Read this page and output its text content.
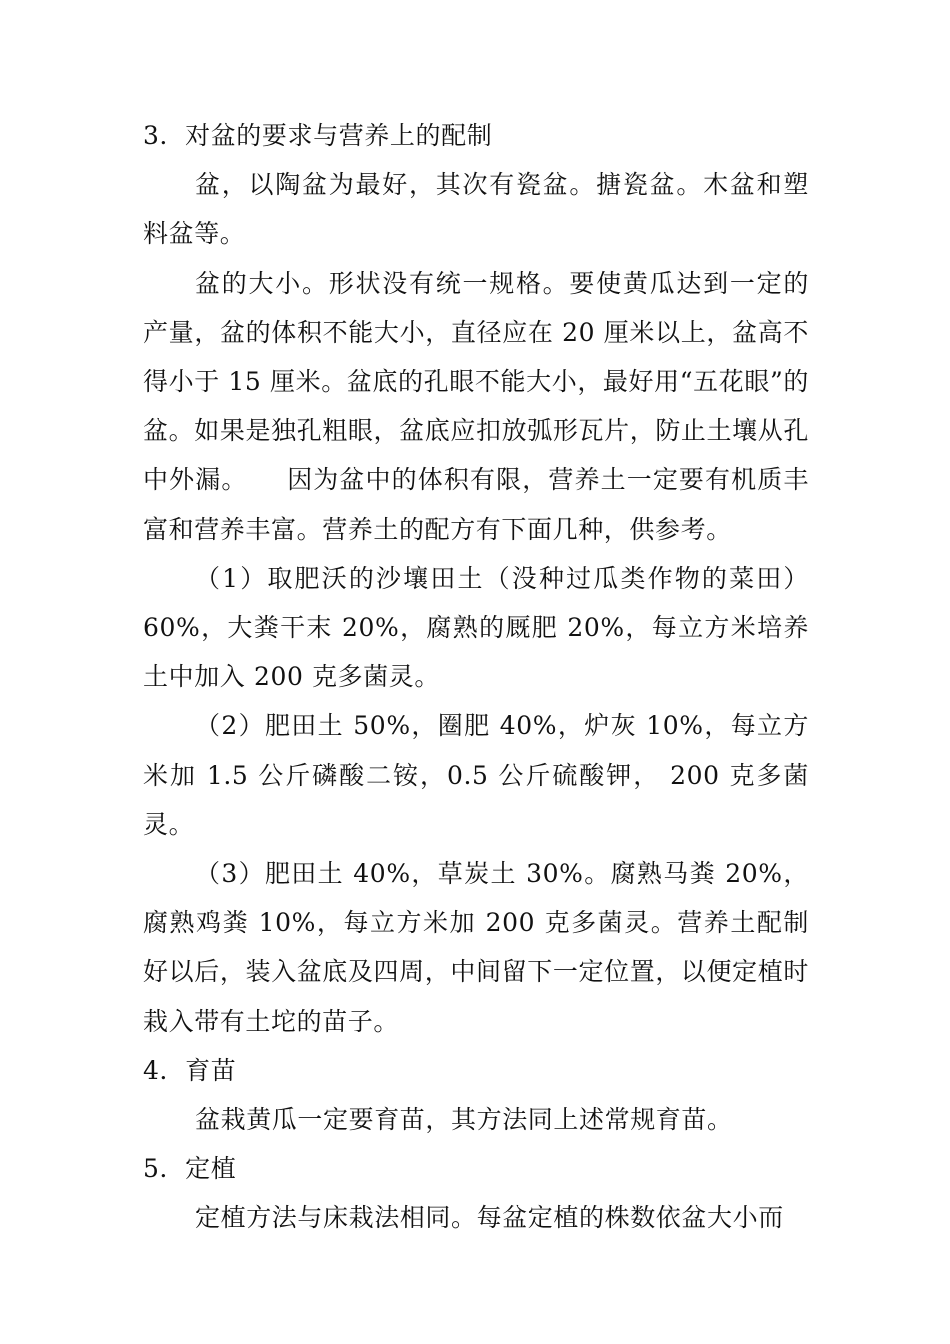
3．对盆的要求与营养上的配制

盆，以陶盆为最好，其次有瓷盆。搪瓷盆。木盆和塑料盆等。

盆的大小。形状没有统一规格。要使黄瓜达到一定的产量，盆的体积不能大小，直径应在 20 厘米以上，盆高不得小于 15 厘米。盆底的孔眼不能大小，最好用“五花眼”的盆。如果是独孔粗眼，盆底应扣放弧形瓦片，防止土壤从孔中外漏。　　因为盆中的体积有限，营养土一定要有机质丰富和营养丰富。营养土的配方有下面几种，供参考。

（1）取肥沃的沙壤田土（没种过瓜类作物的菜田）60%，大粪干末 20%，腐熟的厩肥 20%，每立方米培养土中加入 200 克多菌灵。

（2）肥田土 50%，圈肥 40%，炉灰 10%，每立方米加 1.5 公斤磷酸二铵，0.5 公斤硫酸钾， 200 克多菌灵。

（3）肥田土 40%，草炭土 30%。腐熟马粪 20%，腐熟鸡粪 10%，每立方米加 200 克多菌灵。营养土配制好以后，装入盆底及四周，中间留下一定位置，以便定植时栽入带有土坨的苗子。

4．育苗

盆栽黄瓜一定要育苗，其方法同上述常规育苗。

5．定植

定植方法与床栽法相同。每盆定植的株数依盆大小而
